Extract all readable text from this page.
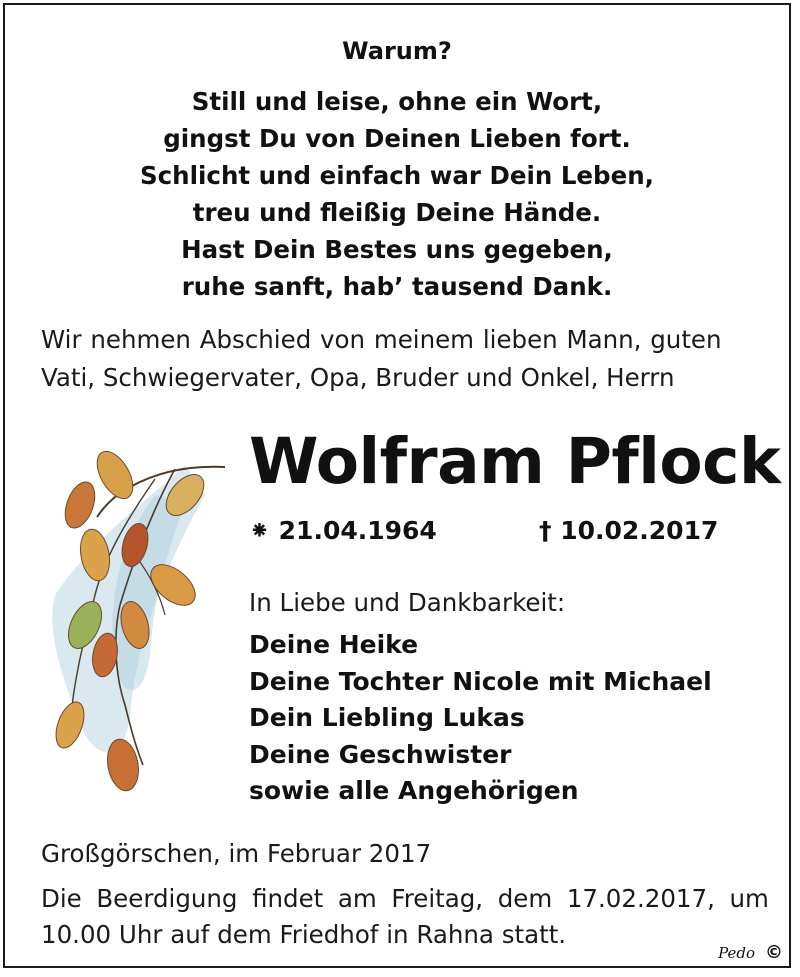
Warum?
Still und leise, ohne ein Wort,
gingst Du von Deinen Lieben fort.
Schlicht und einfach war Dein Leben,
treu und fleißig Deine Hände.
Hast Dein Bestes uns gegeben,
ruhe sanft, hab’ tausend Dank.
Wir nehmen Abschied von meinem lieben Mann, guten
Vati, Schwiegervater, Opa, Bruder und Onkel, Herrn
Wolfram Pflock
⁕ 21.04.1964	† 10.02.2017
In Liebe und Dankbarkeit:
Deine Heike
Deine Tochter Nicole mit Michael
Dein Liebling Lukas
Deine Geschwister
sowie alle Angehörigen
Großgörschen, im Februar 2017
Die Beerdigung findet am Freitag, dem 17.02.2017, um
10.00 Uhr auf dem Friedhof in Rahna statt.
Pedo ©
